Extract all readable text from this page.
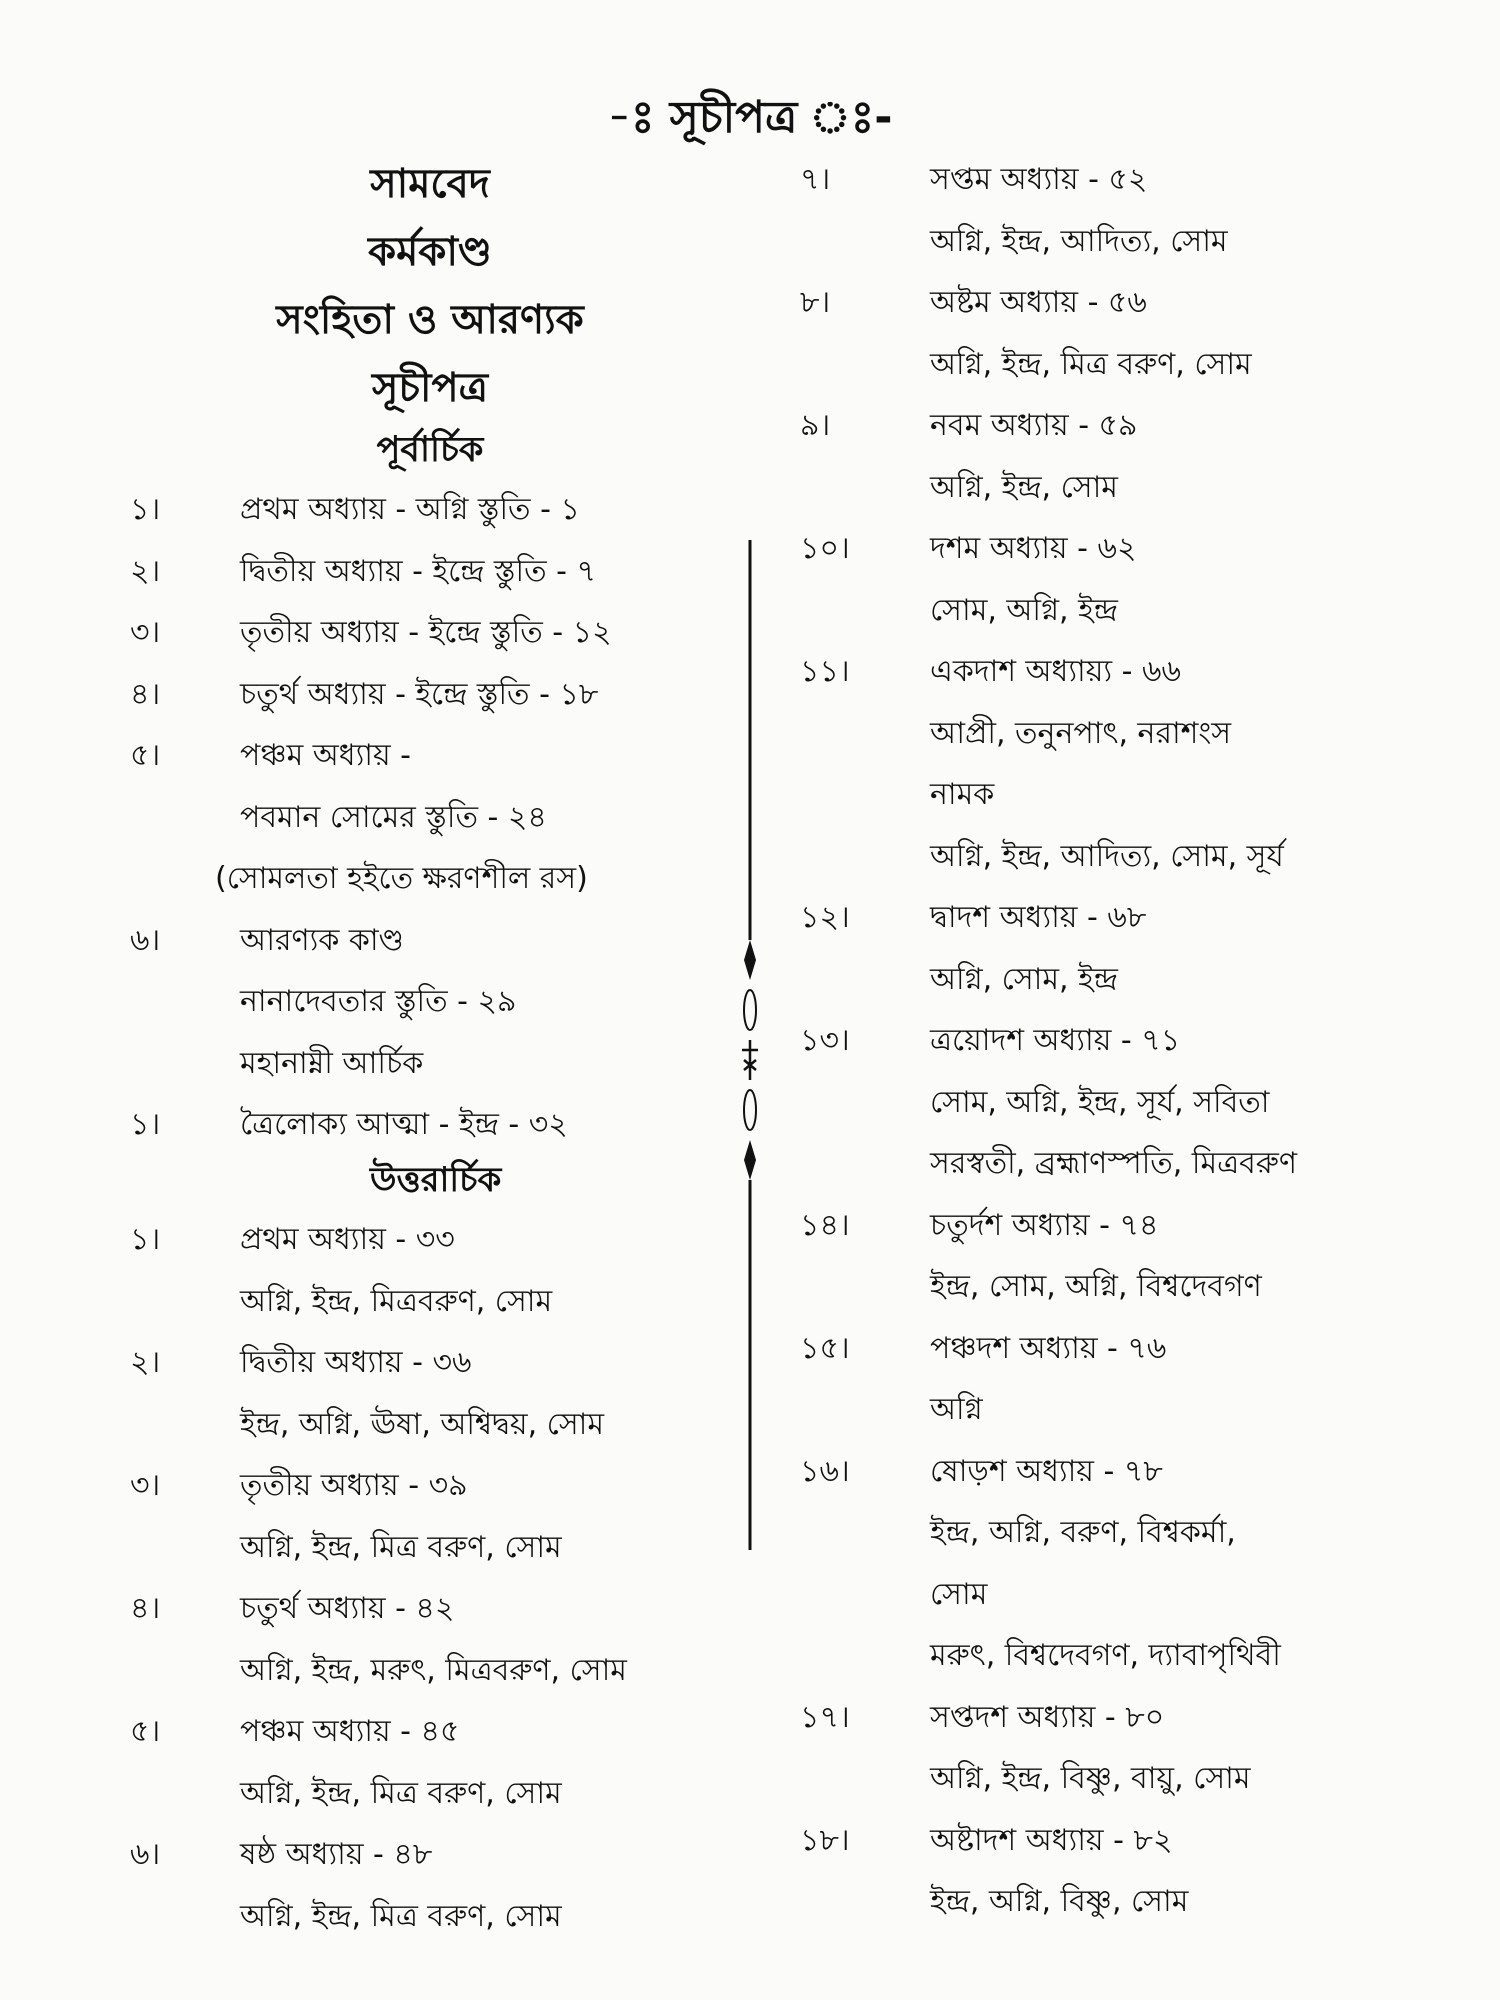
-ঃ সূচীপত্র ঃ-
সামবেদ
কর্মকাণ্ড
সংহিতা ও আরণ্যক
সূচীপত্র
পূর্বার্চিক
১।	প্রথম অধ্যায় - অগ্নি স্তুতি - ১
২।	দ্বিতীয় অধ্যায় - ইন্দ্রে স্তুতি - ৭
৩।	তৃতীয় অধ্যায় - ইন্দ্রে স্তুতি - ১২
৪।	চতুর্থ অধ্যায় - ইন্দ্রে স্তুতি - ১৮
৫।	পঞ্চম অধ্যায় -
পবমান সোমের স্তুতি - ২৪
(সোমলতা হইতে ক্ষরণশীল রস)
৬।	আরণ্যক কাণ্ড
নানাদেবতার স্তুতি - ২৯
মহানাম্নী আর্চিক
১।	ত্রৈলোক্য আত্মা - ইন্দ্র - ৩২
উত্তরার্চিক
১।	প্রথম অধ্যায় - ৩৩
অগ্নি, ইন্দ্র, মিত্রবরুণ, সোম
২।	দ্বিতীয় অধ্যায় - ৩৬
ইন্দ্র, অগ্নি, ঊষা, অশ্বিদ্বয়, সোম
৩।	তৃতীয় অধ্যায় - ৩৯
অগ্নি, ইন্দ্র, মিত্র বরুণ, সোম
৪।	চতুর্থ অধ্যায় - ৪২
অগ্নি, ইন্দ্র, মরুৎ, মিত্রবরুণ, সোম
৫।	পঞ্চম অধ্যায় - ৪৫
অগ্নি, ইন্দ্র, মিত্র বরুণ, সোম
৬।	ষষ্ঠ অধ্যায় - ৪৮
অগ্নি, ইন্দ্র, মিত্র বরুণ, সোম
৭।	সপ্তম অধ্যায় - ৫২
অগ্নি, ইন্দ্র, আদিত্য, সোম
৮।	অষ্টম অধ্যায় - ৫৬
অগ্নি, ইন্দ্র, মিত্র বরুণ, সোম
৯।	নবম অধ্যায় - ৫৯
অগ্নি, ইন্দ্র, সোম
১০।	দশম অধ্যায় - ৬২
সোম, অগ্নি, ইন্দ্র
১১।	একদাশ অধ্যায়্য - ৬৬
আপ্রী, তনুনপাৎ, নরাশংস
নামক
অগ্নি, ইন্দ্র, আদিত্য, সোম, সূর্য
১২।	দ্বাদশ অধ্যায় - ৬৮
অগ্নি, সোম, ইন্দ্র
১৩।	ত্রয়োদশ অধ্যায় - ৭১
সোম, অগ্নি, ইন্দ্র, সূর্য, সবিতা
সরস্বতী, ব্রহ্মাণস্পতি, মিত্রবরুণ
১৪।	চতুর্দশ অধ্যায় - ৭৪
ইন্দ্র, সোম, অগ্নি, বিশ্বদেবগণ
১৫।	পঞ্চদশ অধ্যায় - ৭৬
অগ্নি
১৬।	ষোড়শ অধ্যায় - ৭৮
ইন্দ্র, অগ্নি, বরুণ, বিশ্বকর্মা,
সোম
মরুৎ, বিশ্বদেবগণ, দ্যাবাপৃথিবী
১৭।	সপ্তদশ অধ্যায় - ৮০
অগ্নি, ইন্দ্র, বিষ্ণু, বায়ু, সোম
১৮।	অষ্টাদশ অধ্যায় - ৮২
ইন্দ্র, অগ্নি, বিষ্ণু, সোম
